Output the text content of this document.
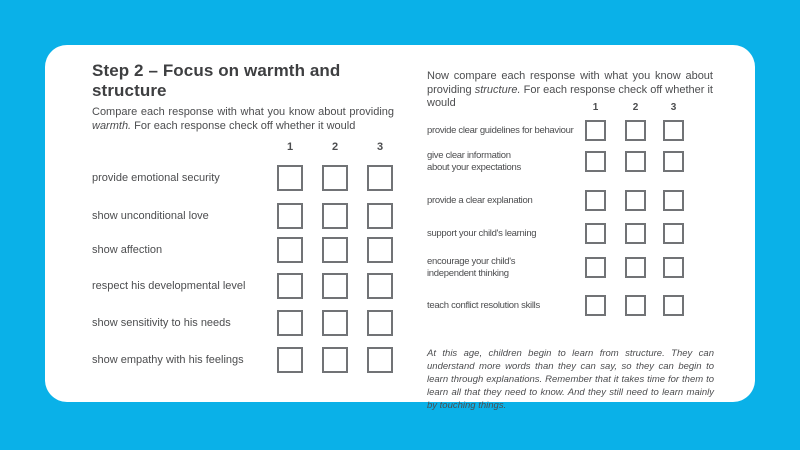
Step 2 – Focus on warmth and structure

Compare each response with what you know about providing warmth. For each response check off whether it would

1	2	3
provide emotional security
show unconditional love
show affection
respect his developmental level
show sensitivity to his needs
show empathy with his feelings

Now compare each response with what you know about providing structure. For each response check off whether it would	1	2	3
provide clear guidelines for behaviour
give clear information
about your expectations
provide a clear explanation
support your child's learning
encourage your child's
independent thinking
teach conflict resolution skills

At this age, children begin to learn from structure. They can understand more words than they can say, so they can begin to learn through explanations. Remember that it takes time for them to learn all that they need to know. And they still need to learn mainly by touching things.
